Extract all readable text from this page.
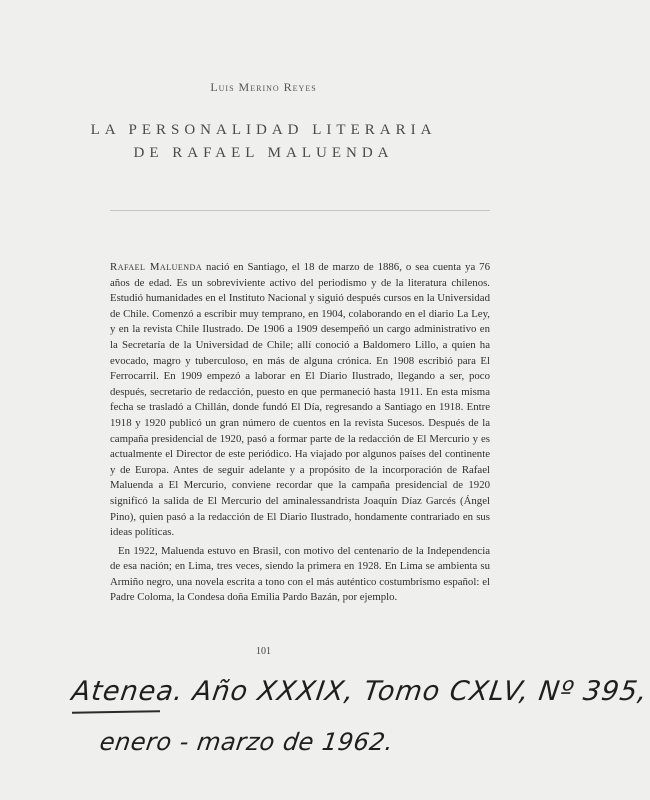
Luis Merino Reyes
LA PERSONALIDAD LITERARIA
DE RAFAEL MALUENDA

Rafael Maluenda nació en Santiago, el 18 de marzo de 1886, o sea cuenta ya 76 años de edad. Es un sobreviviente activo del periodismo y de la literatura chilenos. Estudió humanidades en el Instituto Nacional y siguió después cursos en la Universidad de Chile. Comenzó a escribir muy temprano, en 1904, colaborando en el diario La Ley, y en la revista Chile Ilustrado. De 1906 a 1909 desempeñó un cargo administrativo en la Secretaría de la Universidad de Chile; allí conoció a Baldomero Lillo, a quien ha evocado, magro y tuberculoso, en más de alguna crónica. En 1908 escribió para El Ferrocarril. En 1909 empezó a laborar en El Diario Ilustrado, llegando a ser, poco después, secretario de redacción, puesto en que permaneció hasta 1911. En esta misma fecha se trasladó a Chillán, donde fundó El Día, regresando a Santiago en 1918. Entre 1918 y 1920 publicó un gran número de cuentos en la revista Sucesos. Después de la campaña presidencial de 1920, pasó a formar parte de la redacción de El Mercurio y es actualmente el Director de este periódico. Ha viajado por algunos países del continente y de Europa. Antes de seguir adelante y a propósito de la incorporación de Rafael Maluenda a El Mercurio, conviene recordar que la campaña presidencial de 1920 significó la salida de El Mercurio del aminalessandrista Joaquín Díaz Garcés (Ángel Pino), quien pasó a la redacción de El Diario Ilustrado, hondamente contrariado en sus ideas políticas.

En 1922, Maluenda estuvo en Brasil, con motivo del centenario de la Independencia de esa nación; en Lima, tres veces, siendo la primera en 1928. En Lima se ambienta su Armiño negro, una novela escrita a tono con el más auténtico costumbrismo español: el Padre Coloma, la Condesa doña Emilia Pardo Bazán, por ejemplo.

101
Atenea. Año XXXIX, Tomo CXLV, Nº 395,
enero - marzo de 1962.
